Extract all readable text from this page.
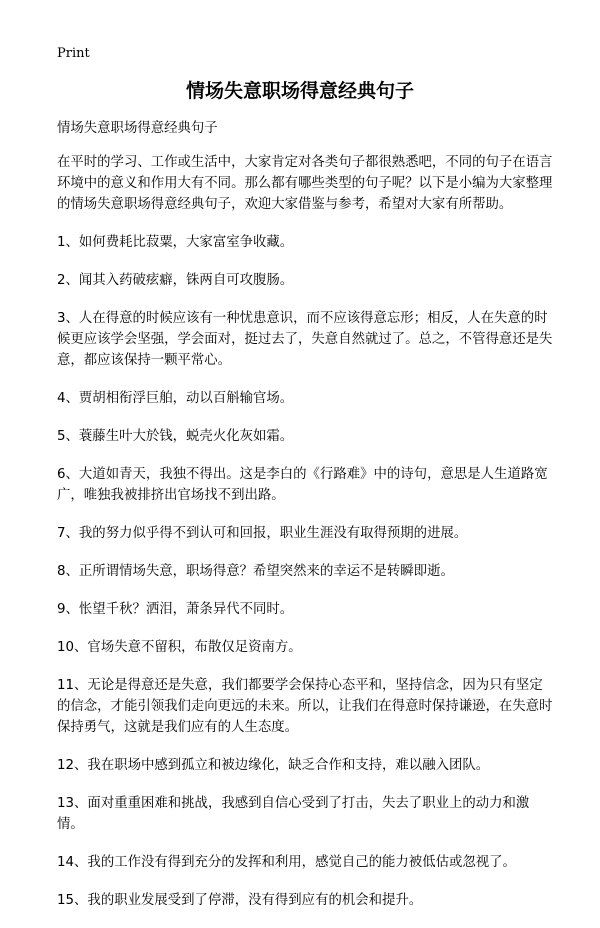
Print
情场失意职场得意经典句子

情场失意职场得意经典句子

在平时的学习、工作或生活中，大家肯定对各类句子都很熟悉吧，不同的句子在语言环境中的意义和作用大有不同。那么都有哪些类型的句子呢？以下是小编为大家整理的情场失意职场得意经典句子，欢迎大家借鉴与参考，希望对大家有所帮助。

1、如何费耗比菽粟，大家富室争收藏。

2、闻其入药破痃癖，铢两自可攻腹肠。

3、人在得意的时候应该有一种忧患意识，而不应该得意忘形；相反，人在失意的时候更应该学会坚强，学会面对，挺过去了，失意自然就过了。总之，不管得意还是失意，都应该保持一颗平常心。

4、贾胡相衔浮巨舶，动以百斛输官场。

5、蓑藤生叶大於钱，蜕壳火化灰如霜。

6、大道如青天，我独不得出。这是李白的《行路难》中的诗句，意思是人生道路宽广，唯独我被排挤出官场找不到出路。

7、我的努力似乎得不到认可和回报，职业生涯没有取得预期的进展。

8、正所谓情场失意，职场得意？希望突然来的幸运不是转瞬即逝。

9、怅望千秋？洒泪，萧条异代不同时。

10、官场失意不留积，布散仅足资南方。

11、无论是得意还是失意，我们都要学会保持心态平和，坚持信念，因为只有坚定的信念，才能引领我们走向更远的未来。所以，让我们在得意时保持谦逊，在失意时保持勇气，这就是我们应有的人生态度。

12、我在职场中感到孤立和被边缘化，缺乏合作和支持，难以融入团队。

13、面对重重困难和挑战，我感到自信心受到了打击，失去了职业上的动力和激情。

14、我的工作没有得到充分的发挥和利用，感觉自己的能力被低估或忽视了。

15、我的职业发展受到了停滞，没有得到应有的机会和提升。
